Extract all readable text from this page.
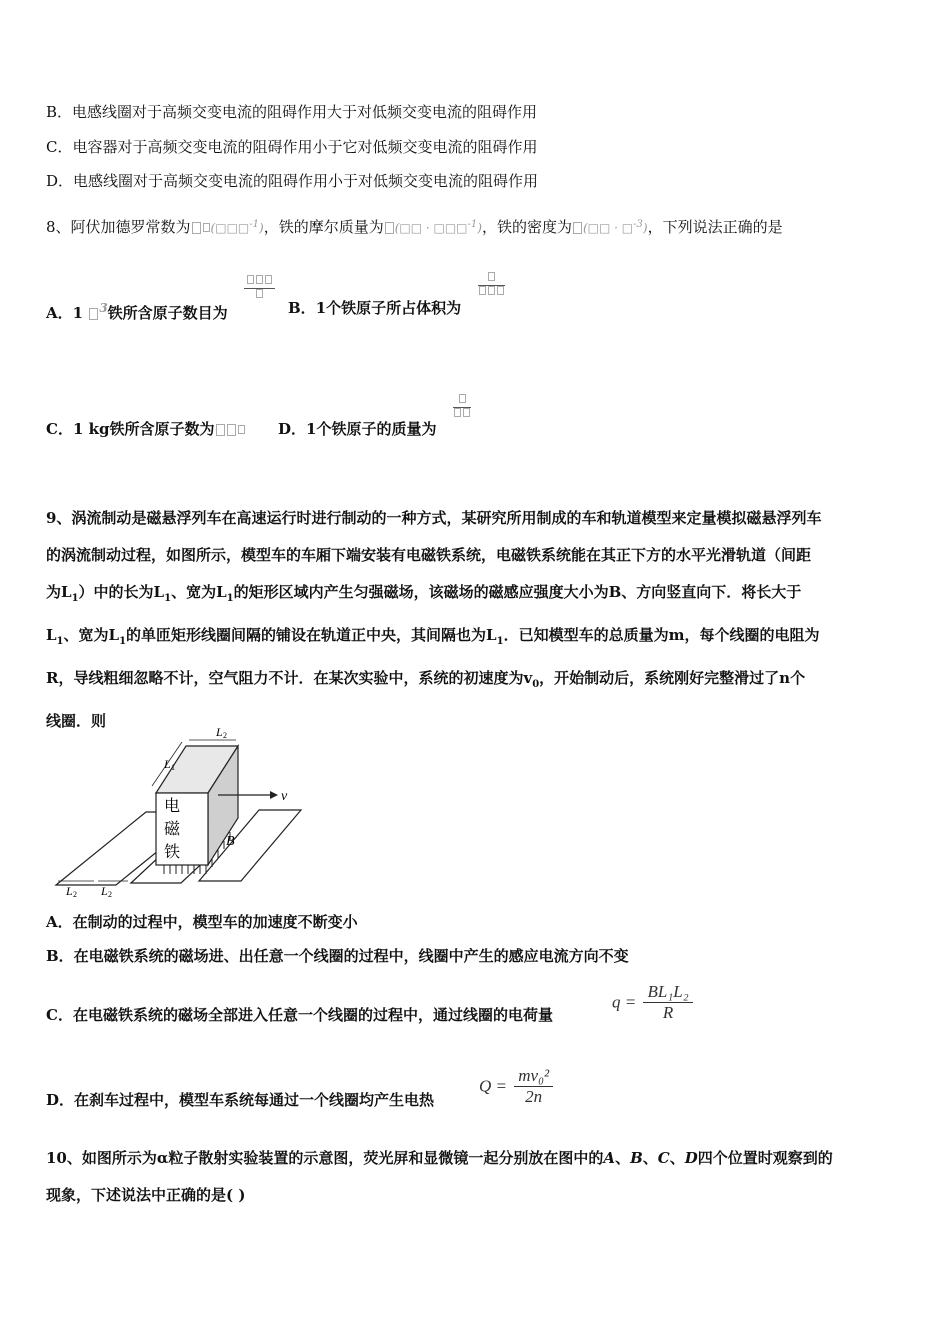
B．电感线圈对于高频交变电流的阻碍作用大于对低频交变电流的阻碍作用
C．电容器对于高频交变电流的阻碍作用小于它对低频交变电流的阻碍作用
D．电感线圈对于高频交变电流的阻碍作用小于对低频交变电流的阻碍作用
8、阿伏加德罗常数为 (□□□$^{-1}$)，铁的摩尔质量为 (□□ · □□□$^{-1}$)，铁的密度为 (□□ · □$^{-3}$)，下列说法正确的是
A．1 $^3$铁所含原子数目为	B．1个铁原子所占体积为
C．1 kg铁所含原子数为	D．1个铁原子的质量为
9、涡流制动是磁悬浮列车在高速运行时进行制动的一种方式，某研究所用制成的车和轨道模型来定量模拟磁悬浮列车
的涡流制动过程，如图所示，模型车的车厢下端安装有电磁铁系统，电磁铁系统能在其正下方的水平光滑轨道（间距
为$L_1$）中的长为$L_1$、宽为$L_1$的矩形区域内产生匀强磁场，该磁场的磁感应强度大小为B、方向竖直向下．将长大于
$L_1$、宽为$L_1$的单匝矩形线圈间隔的铺设在轨道正中央，其间隔也为$L_1$．已知模型车的总质量为m，每个线圈的电阻为
R，导线粗细忽略不计，空气阻力不计．在某次实验中，系统的初速度为$v_0$，开始制动后，系统刚好完整滑过了n个
线圈．则
电
磁
铁
v
B
L
L
L L
2
1
2	2
A．在制动的过程中，模型车的加速度不断变小
B．在电磁铁系统的磁场进、出任意一个线圈的过程中，线圈中产生的感应电流方向不变
C．在电磁铁系统的磁场全部进入任意一个线圈的过程中，通过线圈的电荷量
$q = \frac{\text{BL₁L₂}}{R}$
D．在刹车过程中，模型车系统每通过一个线圈均产生电热
$Q = \frac{\text{mv₀²}}{2n}$
10、如图所示为α粒子散射实验装置的示意图，荧光屏和显微镜一起分别放在图中的A、B、C、D四个位置时观察到的
现象，下述说法中正确的是( )
